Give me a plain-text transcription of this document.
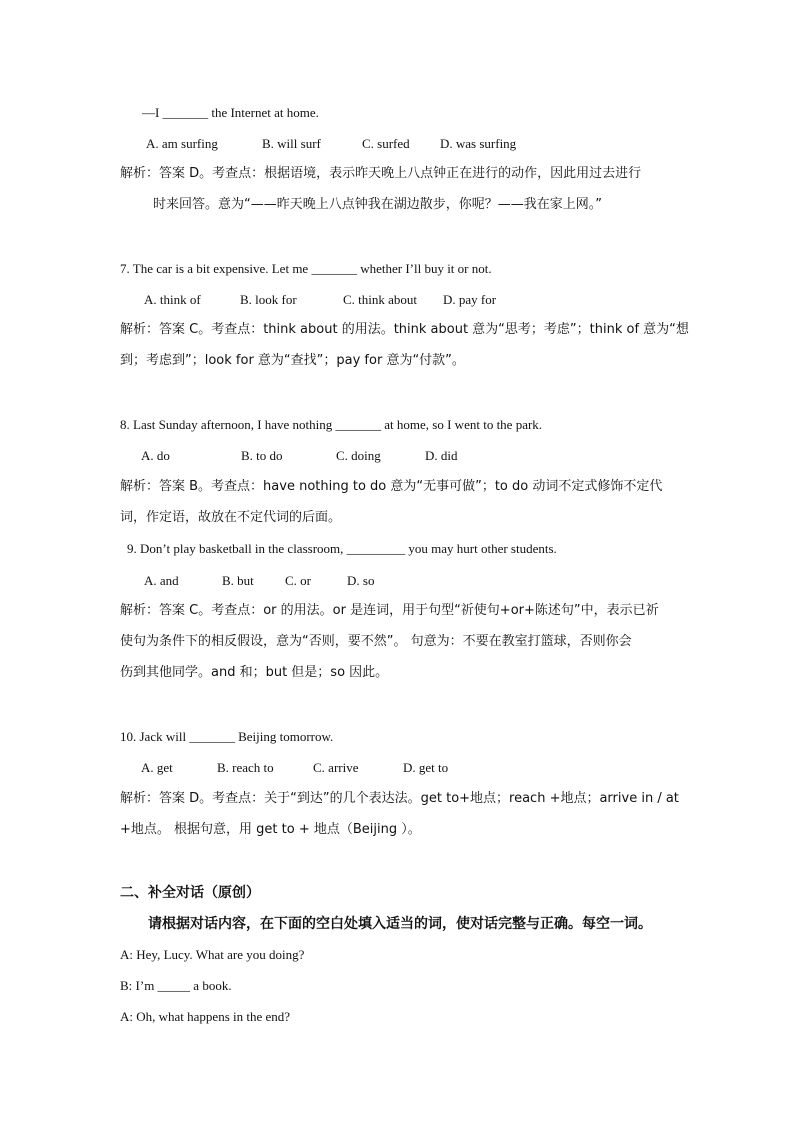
—I _______ the Internet at home.
A. am surfing	B. will surf	C. surfed D. was surfing
解析：答案 D。考查点：根据语境，表示昨天晚上八点钟正在进行的动作，因此用过去进行
时来回答。意为“——昨天晚上八点钟我在湖边散步，你呢？——我在家上网。”
7. The car is a bit expensive. Let me _______ whether I’ll buy it or not.
A. think of	B. look for	C. think about D. pay for
解析：答案 C。考查点：think about 的用法。think about 意为“思考；考虑”；think of 意为“想
到；考虑到”；look for 意为“查找”；pay for 意为“付款”。
8. Last Sunday afternoon, I have nothing _______ at home, so I went to the park.
A. do	B. to do	C. doing	D. did
解析：答案 B。考查点：have nothing to do 意为“无事可做”；to do 动词不定式修饰不定代
词，作定语，故放在不定代词的后面。
9. Don’t play basketball in the classroom, _________ you may hurt other students.
A. and	B. but C. or	D. so
解析：答案 C。考查点：or 的用法。or 是连词，用于句型“祈使句+or+陈述句”中，表示已祈
使句为条件下的相反假设，意为“否则，要不然”。 句意为：不要在教室打篮球，否则你会
伤到其他同学。and 和；but 但是；so 因此。
10. Jack will _______ Beijing tomorrow.
A. get	B. reach to	C. arrive	D. get to
解析：答案 D。考查点：关于“到达”的几个表达法。get to+地点；reach +地点；arrive in / at
+地点。 根据句意，用 get to + 地点（Beijing ）。
二、补全对话（原创）
请根据对话内容，在下面的空白处填入适当的词，使对话完整与正确。每空一词。
A: Hey, Lucy. What are you doing?
B: I’m _____ a book.
A: Oh, what happens in the end?
